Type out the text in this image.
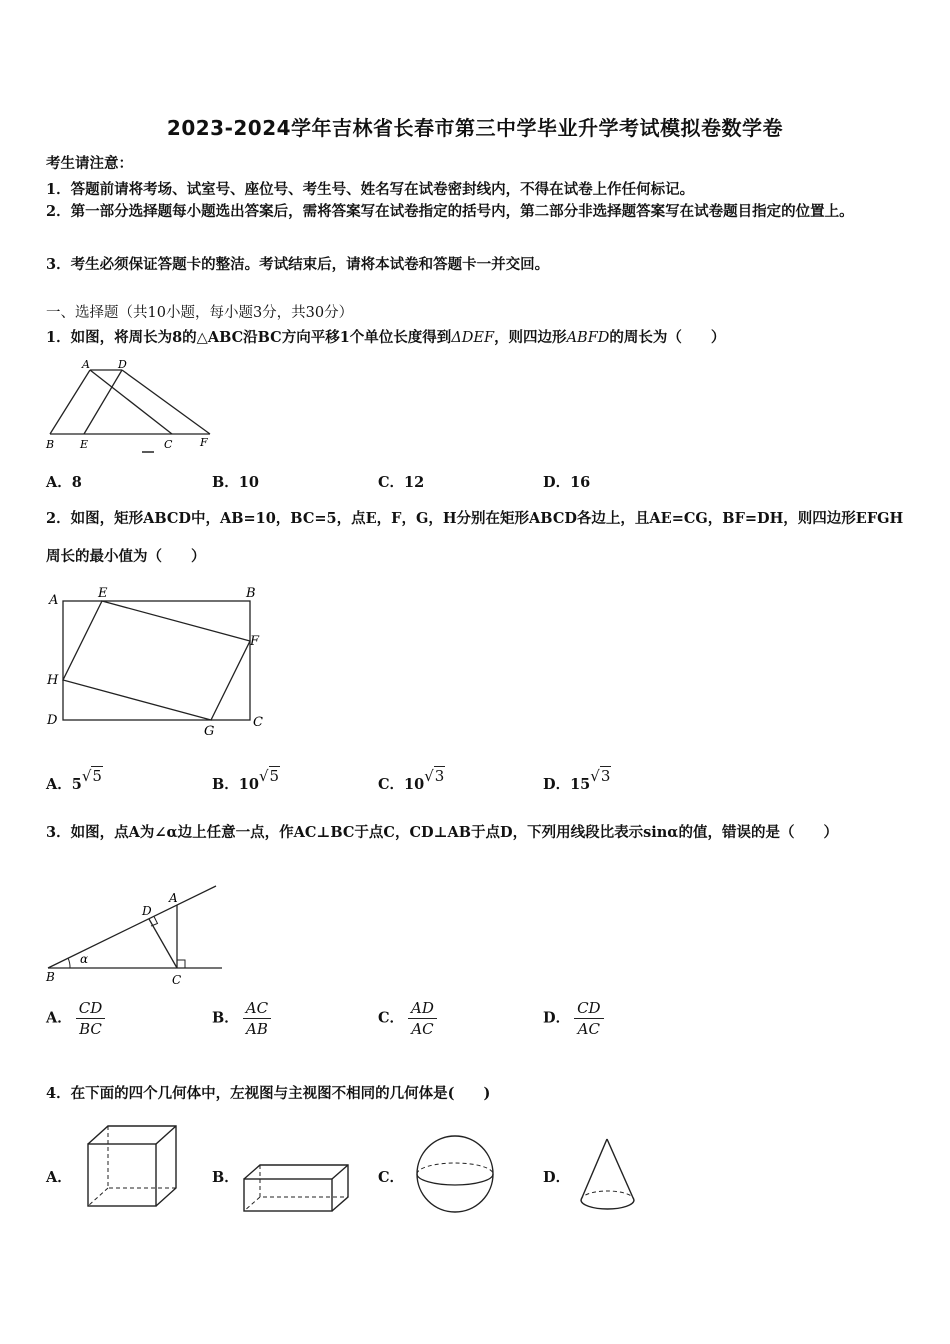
2023-2024学年吉林省长春市第三中学毕业升学考试模拟卷数学卷
考生请注意：
1．答题前请将考场、试室号、座位号、考生号、姓名写在试卷密封线内，不得在试卷上作任何标记。
2．第一部分选择题每小题选出答案后，需将答案写在试卷指定的括号内，第二部分非选择题答案写在试卷题目指定的位置上。
3．考生必须保证答题卡的整洁。考试结束后，请将本试卷和答题卡一并交回。
一、选择题（共10小题，每小题3分，共30分）
1．如图，将周长为8的△ABC沿BC方向平移1个单位长度得到ΔDEF，则四边形ABFD的周长为（　　）
A	D
B E	C	F
A．8	B．10	C．12	D．16
2．如图，矩形ABCD中，AB=10，BC=5，点E，F，G，H分别在矩形ABCD各边上，且AE=CG，BF=DH，则四边形EFGH周长的最小值为（　　）
A	E	B
F
H
D
G
C
A．5√5	B．10√5	C．10√3	D．15√3
3．如图，点A为∠α边上任意一点，作AC⊥BC于点C，CD⊥AB于点D，下列用线段比表示sinα的值，错误的是（　　）
D
A
B
α
C
A． $\frac{CD}{BC}$	B． $\frac{AC}{AB}$	C． $\frac{AD}{AC}$	D． $\frac{CD}{AC}$
4．在下面的四个几何体中，左视图与主视图不相同的几何体是(　　)
A．	B．	C．	D．
